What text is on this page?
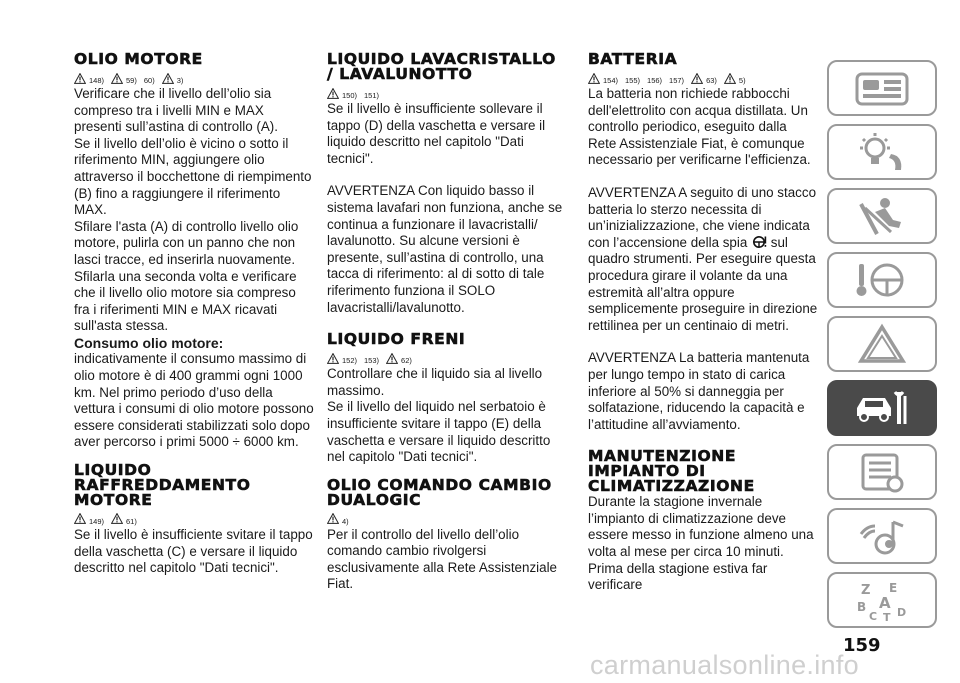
OLIO MOTORE
148)	59) 60)	3)

Verificare che il livello dell’olio sia compreso tra i livelli MIN e MAX presenti sull’astina di controllo (A).

Se il livello dell’olio è vicino o sotto il riferimento MIN, aggiungere olio attraverso il bocchettone di riempimento (B) fino a raggiungere il riferimento MAX.

Sfilare l'asta (A) di controllo livello olio motore, pulirla con un panno che non lasci tracce, ed inserirla nuovamente. Sfilarla una seconda volta e verificare che il livello olio motore sia compreso fra i riferimenti MIN e MAX ricavati sull'asta stessa.

Consumo olio motore:

indicativamente il consumo massimo di olio motore è di 400 grammi ogni 1000 km. Nel primo periodo d’uso della vettura i consumi di olio motore possono essere considerati stabilizzati solo dopo aver percorso i primi 5000 ÷ 6000 km.

LIQUIDO RAFFREDDAMENTO MOTORE
149)	61)

Se il livello è insufficiente svitare il tappo della vaschetta (C) e versare il liquido descritto nel capitolo "Dati tecnici".

LIQUIDO LAVACRISTALLO / LAVALUNOTTO
150) 151)

Se il livello è insufficiente sollevare il tappo (D) della vaschetta e versare il liquido descritto nel capitolo "Dati tecnici".

AVVERTENZA Con liquido basso il sistema lavafari non funziona, anche se continua a funzionare il lavacristalli/ lavalunotto. Su alcune versioni è presente, sull’astina di controllo, una tacca di riferimento: al di sotto di tale riferimento funziona il SOLO lavacristalli/lavalunotto.

LIQUIDO FRENI
152) 153)	62)

Controllare che il liquido sia al livello massimo.

Se il livello del liquido nel serbatoio è insufficiente svitare il tappo (E) della vaschetta e versare il liquido descritto nel capitolo "Dati tecnici".

OLIO COMANDO CAMBIO DUALOGIC
4)

Per il controllo del livello dell’olio comando cambio rivolgersi esclusivamente alla Rete Assistenziale Fiat.

BATTERIA
154) 155) 156) 157)	63)	5)

La batteria non richiede rabbocchi dell'elettrolito con acqua distillata. Un controllo periodico, eseguito dalla Rete Assistenziale Fiat, è comunque necessario per verificarne l'efficienza.

AVVERTENZA A seguito di uno stacco batteria lo sterzo necessita di un’inizializzazione, che viene indicata con l’accensione della spia sul quadro strumenti. Per eseguire questa procedura girare il volante da una estremità all’altra oppure semplicemente proseguire in direzione rettilinea per un centinaio di metri.

AVVERTENZA La batteria mantenuta per lungo tempo in stato di carica inferiore al 50% si danneggia per solfatazione, riducendo la capacità e l’attitudine all’avviamento.

MANUTENZIONE IMPIANTO DI CLIMATIZZAZIONE

Durante la stagione invernale l’impianto di climatizzazione deve essere messo in funzione almeno una volta al mese per circa 10 minuti. Prima della stagione estiva far verificare	Z E
B A
C T D
159
carmanualsonline.info
